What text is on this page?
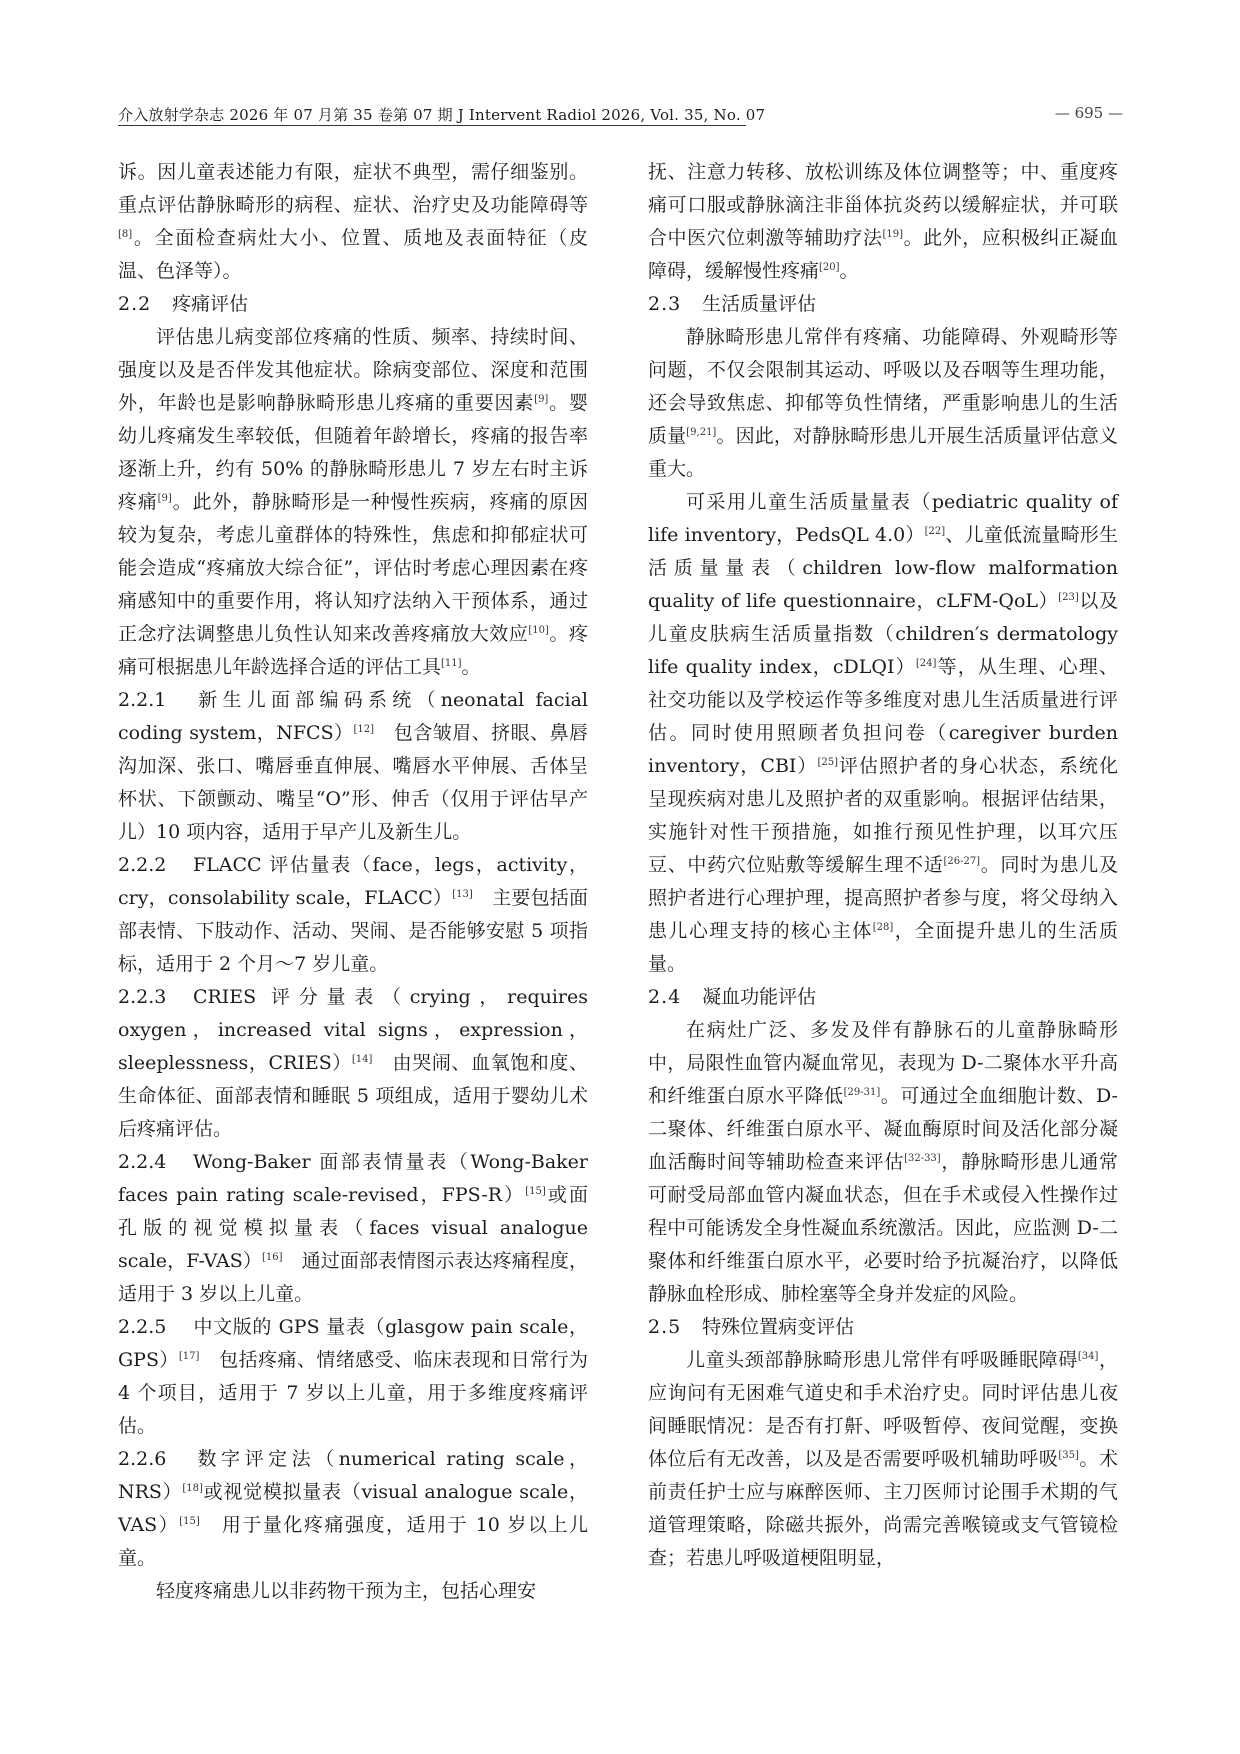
介入放射学杂志 2026 年 07 月第 35 卷第 07 期 J Intervent Radiol 2026, Vol. 35, No. 07	— 695 —

诉。因儿童表述能力有限，症状不典型，需仔细鉴别。重点评估静脉畸形的病程、症状、治疗史及功能障碍等[8]。全面检查病灶大小、位置、质地及表面特征（皮温、色泽等）。

2.2 疼痛评估

评估患儿病变部位疼痛的性质、频率、持续时间、强度以及是否伴发其他症状。除病变部位、深度和范围外，年龄也是影响静脉畸形患儿疼痛的重要因素[9]。婴幼儿疼痛发生率较低，但随着年龄增长，疼痛的报告率逐渐上升，约有 50% 的静脉畸形患儿 7 岁左右时主诉疼痛[9]。此外，静脉畸形是一种慢性疾病，疼痛的原因较为复杂，考虑儿童群体的特殊性，焦虑和抑郁症状可能会造成“疼痛放大综合征”，评估时考虑心理因素在疼痛感知中的重要作用，将认知疗法纳入干预体系，通过正念疗法调整患儿负性认知来改善疼痛放大效应[10]。疼痛可根据患儿年龄选择合适的评估工具[11]。

2.2.1 新生儿面部编码系统（neonatal facial coding system，NFCS）[12]　包含皱眉、挤眼、鼻唇沟加深、张口、嘴唇垂直伸展、嘴唇水平伸展、舌体呈杯状、下颌颤动、嘴呈“O”形、伸舌（仅用于评估早产儿）10 项内容，适用于早产儿及新生儿。

2.2.2 FLACC 评估量表（face，legs，activity，cry，consolability scale，FLACC）[13]　主要包括面部表情、下肢动作、活动、哭闹、是否能够安慰 5 项指标，适用于 2 个月～7 岁儿童。

2.2.3 CRIES 评分量表（crying，requires oxygen，increased vital signs，expression，sleeplessness，CRIES）[14]　由哭闹、血氧饱和度、生命体征、面部表情和睡眠 5 项组成，适用于婴幼儿术后疼痛评估。

2.2.4 Wong-Baker 面部表情量表（Wong-Baker faces pain rating scale-revised，FPS-R）[15]或面孔版的视觉模拟量表（faces visual analogue scale，F-VAS）[16]　通过面部表情图示表达疼痛程度，适用于 3 岁以上儿童。

2.2.5 中文版的 GPS 量表（glasgow pain scale，GPS）[17]　包括疼痛、情绪感受、临床表现和日常行为 4 个项目，适用于 7 岁以上儿童，用于多维度疼痛评估。

2.2.6 数字评定法（numerical rating scale，NRS）[18]或视觉模拟量表（visual analogue scale，VAS）[15]　用于量化疼痛强度，适用于 10 岁以上儿童。

轻度疼痛患儿以非药物干预为主，包括心理安

抚、注意力转移、放松训练及体位调整等；中、重度疼痛可口服或静脉滴注非甾体抗炎药以缓解症状，并可联合中医穴位刺激等辅助疗法[19]。此外，应积极纠正凝血障碍，缓解慢性疼痛[20]。

2.3 生活质量评估

静脉畸形患儿常伴有疼痛、功能障碍、外观畸形等问题，不仅会限制其运动、呼吸以及吞咽等生理功能，还会导致焦虑、抑郁等负性情绪，严重影响患儿的生活质量[9,21]。因此，对静脉畸形患儿开展生活质量评估意义重大。

可采用儿童生活质量量表（pediatric quality of life inventory，PedsQL 4.0）[22]、儿童低流量畸形生活质量量表（children low-flow malformation quality of life questionnaire，cLFM-QoL）[23]以及儿童皮肤病生活质量指数（children′s dermatology life quality index，cDLQI）[24]等，从生理、心理、社交功能以及学校运作等多维度对患儿生活质量进行评估。同时使用照顾者负担问卷（caregiver burden inventory，CBI）[25]评估照护者的身心状态，系统化呈现疾病对患儿及照护者的双重影响。根据评估结果，实施针对性干预措施，如推行预见性护理，以耳穴压豆、中药穴位贴敷等缓解生理不适[26-27]。同时为患儿及照护者进行心理护理，提高照护者参与度，将父母纳入患儿心理支持的核心主体[28]，全面提升患儿的生活质量。

2.4 凝血功能评估

在病灶广泛、多发及伴有静脉石的儿童静脉畸形中，局限性血管内凝血常见，表现为 D-二聚体水平升高和纤维蛋白原水平降低[29-31]。可通过全血细胞计数、D-二聚体、纤维蛋白原水平、凝血酶原时间及活化部分凝血活酶时间等辅助检查来评估[32-33]，静脉畸形患儿通常可耐受局部血管内凝血状态，但在手术或侵入性操作过程中可能诱发全身性凝血系统激活。因此，应监测 D-二聚体和纤维蛋白原水平，必要时给予抗凝治疗，以降低静脉血栓形成、肺栓塞等全身并发症的风险。

2.5 特殊位置病变评估

儿童头颈部静脉畸形患儿常伴有呼吸睡眠障碍[34]，应询问有无困难气道史和手术治疗史。同时评估患儿夜间睡眠情况：是否有打鼾、呼吸暂停、夜间觉醒，变换体位后有无改善，以及是否需要呼吸机辅助呼吸[35]。术前责任护士应与麻醉医师、主刀医师讨论围手术期的气道管理策略，除磁共振外，尚需完善喉镜或支气管镜检查；若患儿呼吸道梗阻明显，
